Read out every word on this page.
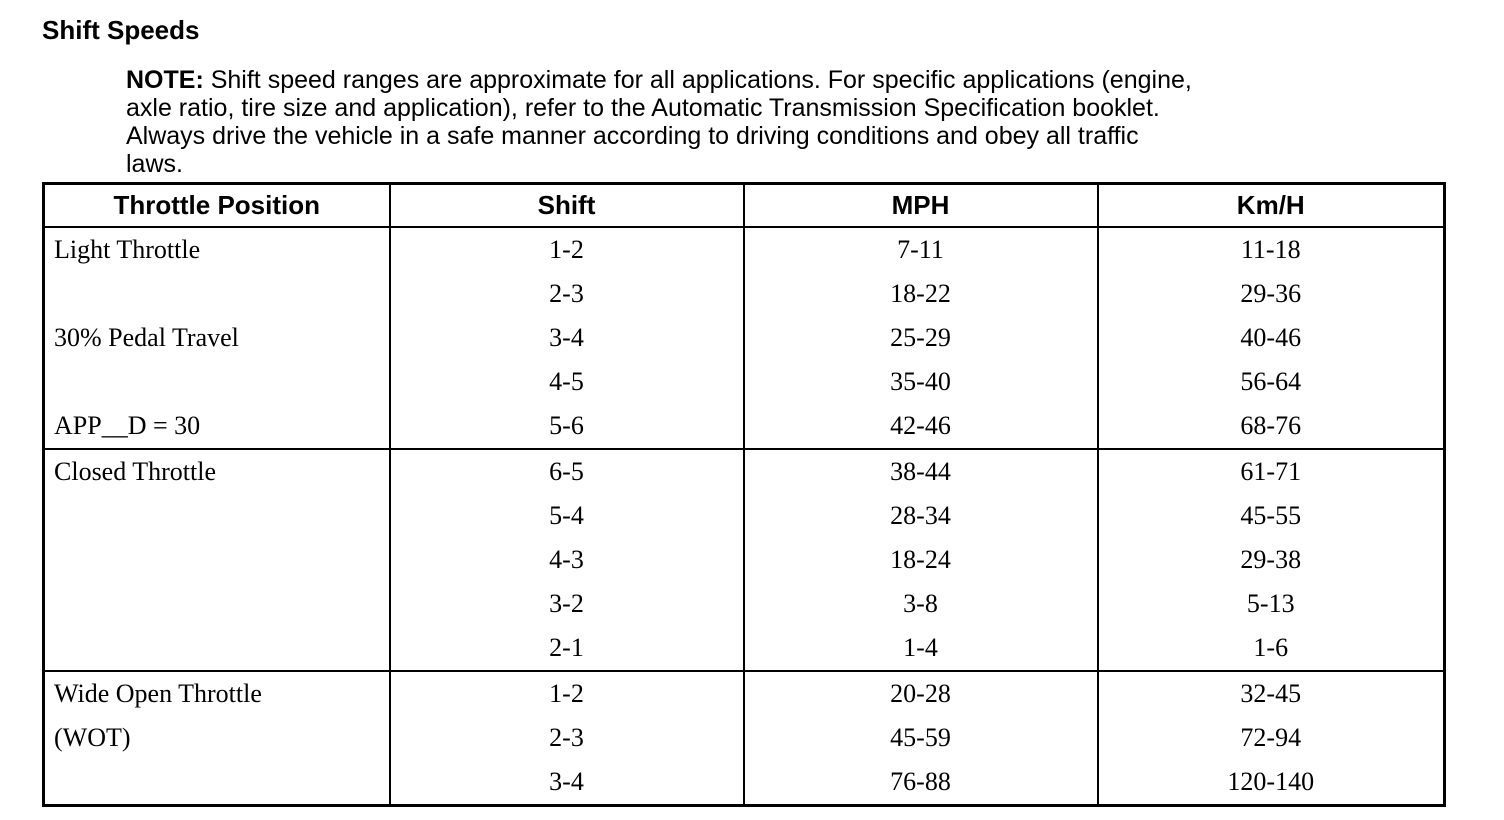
Shift Speeds
NOTE: Shift speed ranges are approximate for all applications. For specific applications (engine,
axle ratio, tire size and application), refer to the Automatic Transmission Specification booklet.
Always drive the vehicle in a safe manner according to driving conditions and obey all traffic
laws.
Throttle Position	Shift	MPH	Km/H
Light Throttle	1-2	7-11	11-18
	2-3	18-22	29-36
30% Pedal Travel	3-4	25-29	40-46
	4-5	35-40	56-64
APP__D = 30	5-6	42-46	68-76
Closed Throttle	6-5	38-44	61-71
	5-4	28-34	45-55
	4-3	18-24	29-38
	3-2	3-8	5-13
	2-1	1-4	1-6
Wide Open Throttle	1-2	20-28	32-45
(WOT)	2-3	45-59	72-94
	3-4	76-88	120-140
